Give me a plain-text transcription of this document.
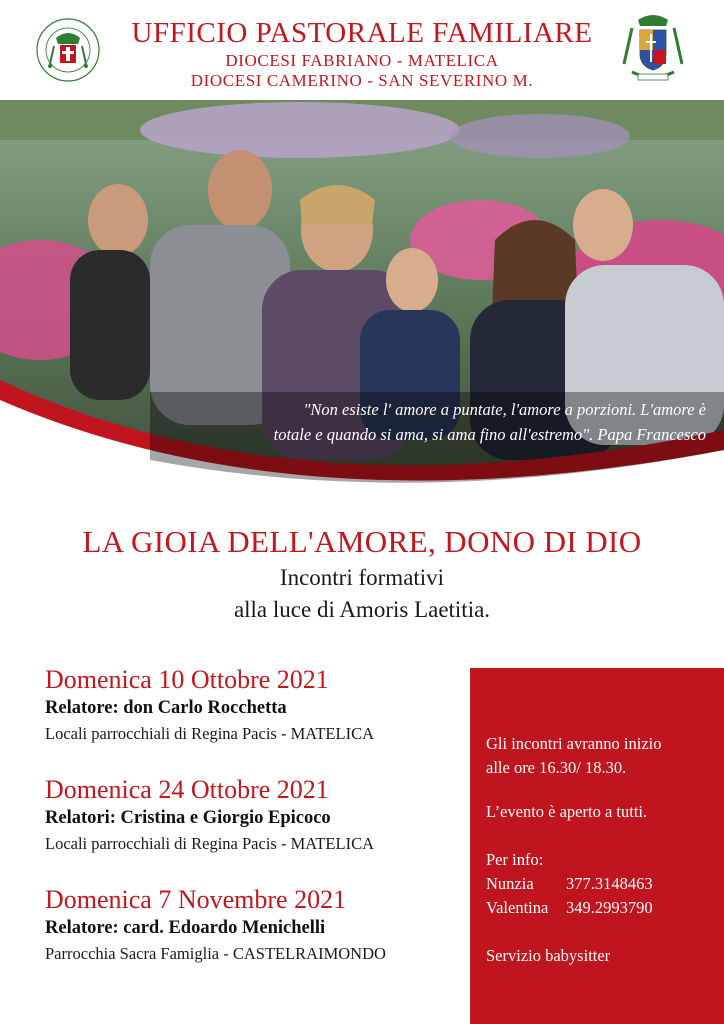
UFFICIO PASTORALE FAMILIARE
DIOCESI FABRIANO - MATELICA
DIOCESI CAMERINO - SAN SEVERINO M.
"Non esiste l' amore a puntate, l'amore a porzioni. L'amore è
totale e quando si ama, si ama fino all'estremo". Papa Francesco
LA GIOIA DELL'AMORE, DONO DI DIO
Incontri formativi
alla luce di Amoris Laetitia.
Domenica 10 Ottobre 2021
Relatore: don Carlo Rocchetta
Locali parrocchiali di Regina Pacis - MATELICA
Domenica 24 Ottobre 2021
Relatori: Cristina e Giorgio Epicoco
Locali parrocchiali di Regina Pacis - MATELICA
Domenica 7 Novembre 2021
Relatore: card. Edoardo Menichelli
Parrocchia Sacra Famiglia - CASTELRAIMONDO
Gli incontri avranno inizio
alle ore 16.30/ 18.30.
L’evento è aperto a tutti.
Per info:
Nunzia 377.3148463
Valentina 349.2993790
Servizio babysitter
